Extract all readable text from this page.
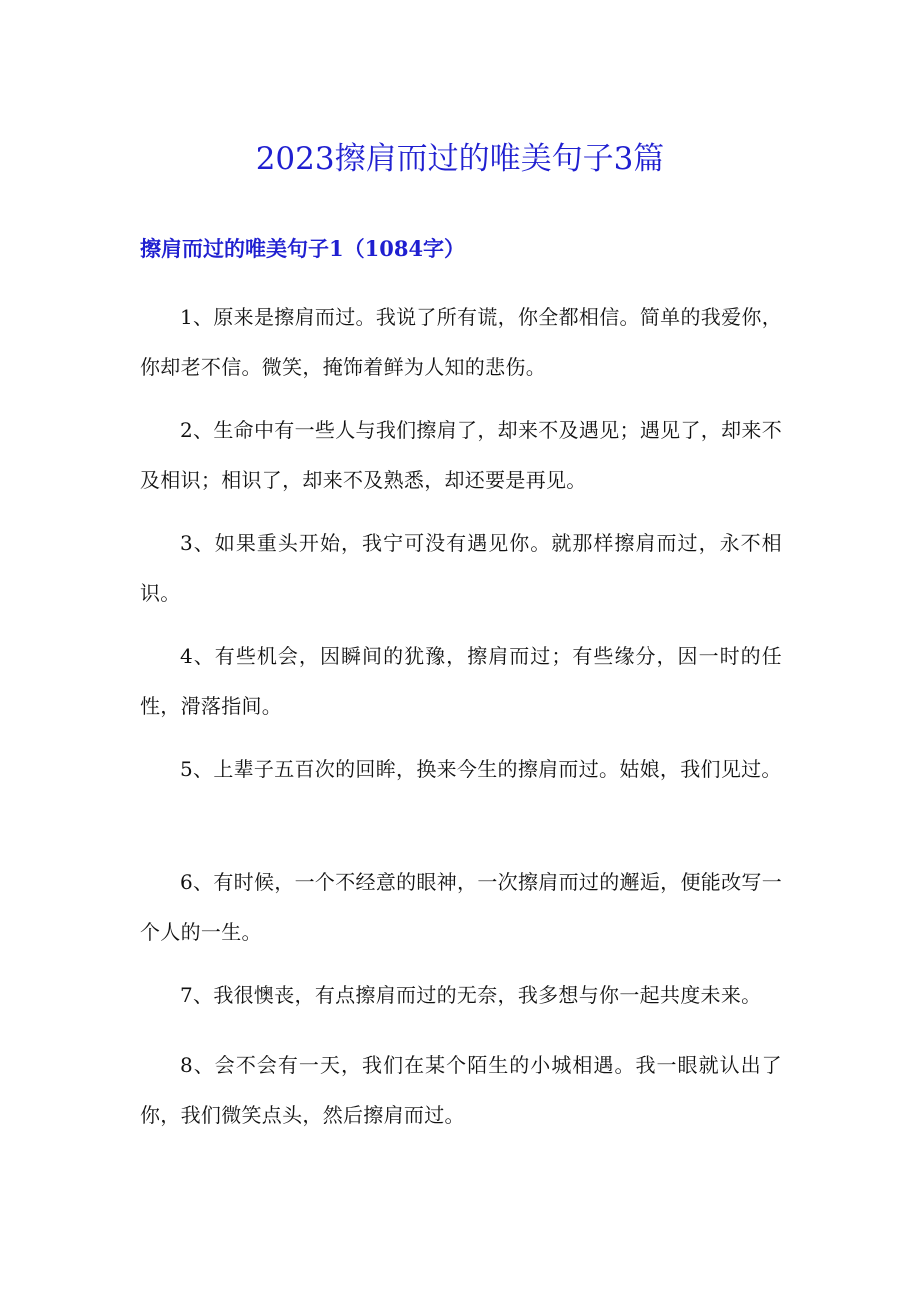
2023擦肩而过的唯美句子3篇
擦肩而过的唯美句子1（1084字）

1、原来是擦肩而过。我说了所有谎，你全都相信。简单的我爱你，你却老不信。微笑，掩饰着鲜为人知的悲伤。

2、生命中有一些人与我们擦肩了，却来不及遇见；遇见了，却来不及相识；相识了，却来不及熟悉，却还要是再见。

3、如果重头开始，我宁可没有遇见你。就那样擦肩而过，永不相识。

4、有些机会，因瞬间的犹豫，擦肩而过；有些缘分，因一时的任性，滑落指间。

5、上辈子五百次的回眸，换来今生的擦肩而过。姑娘，我们见过。

6、有时候，一个不经意的眼神，一次擦肩而过的邂逅，便能改写一个人的一生。

7、我很懊丧，有点擦肩而过的无奈，我多想与你一起共度未来。

8、会不会有一天，我们在某个陌生的小城相遇。我一眼就认出了你，我们微笑点头，然后擦肩而过。
